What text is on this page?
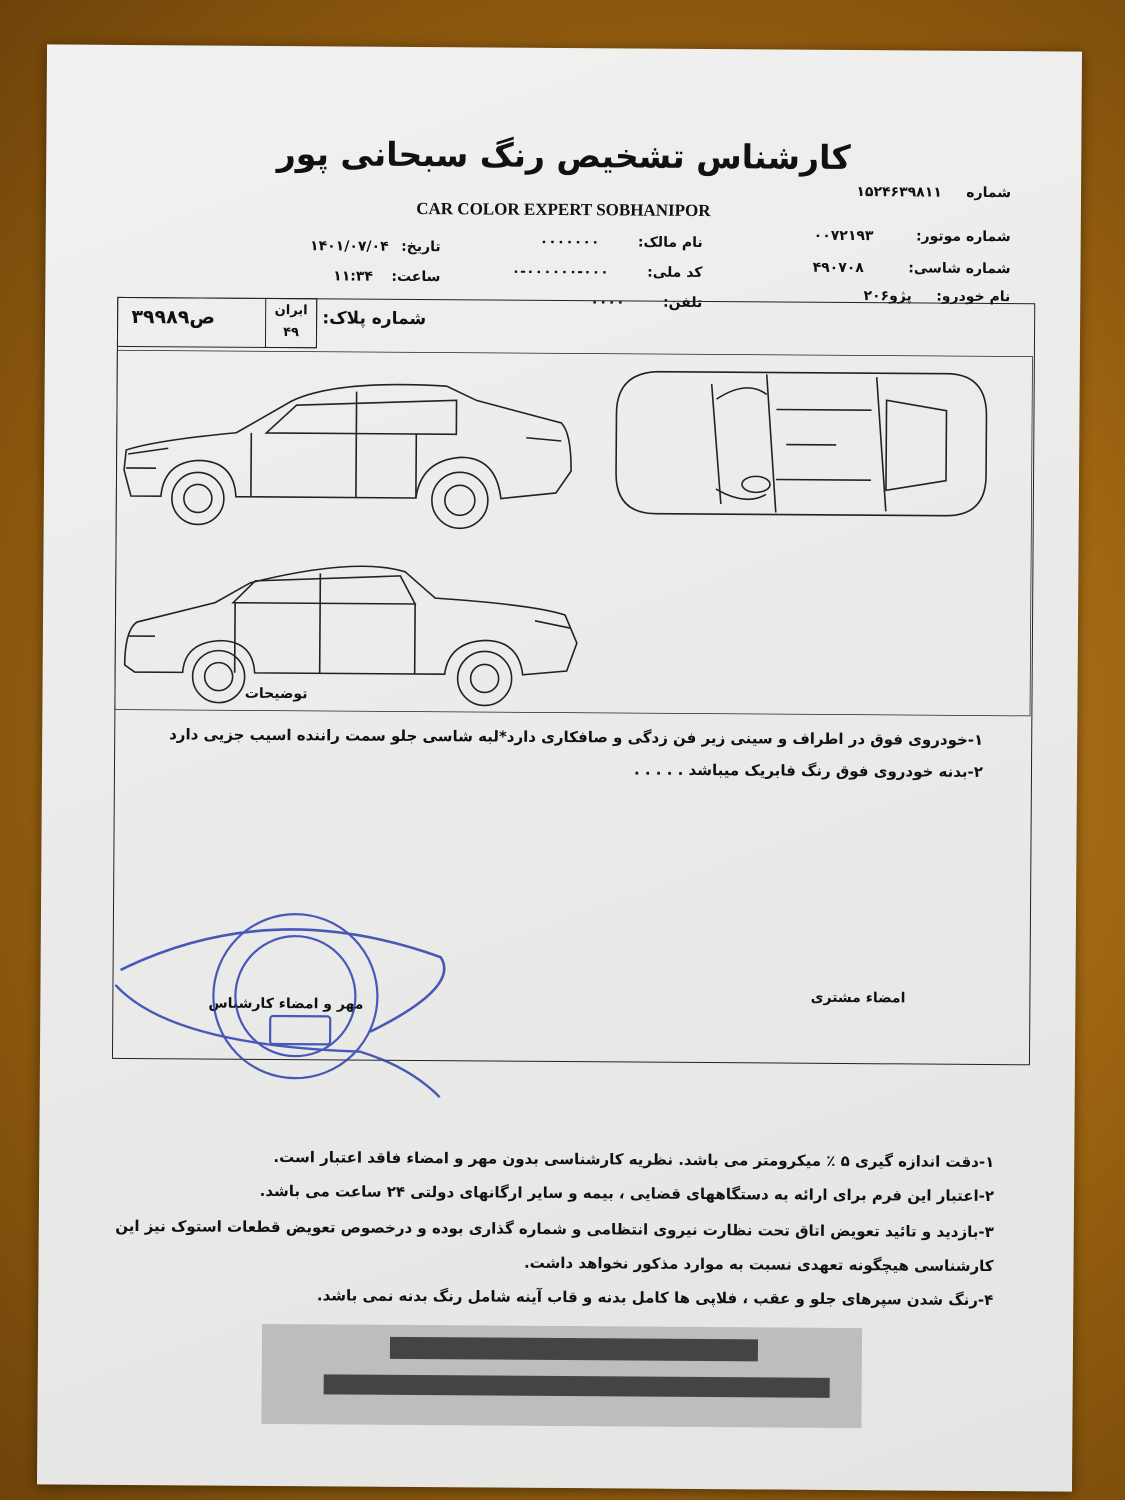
کارشناس تشخیص رنگ سبحانی پور
CAR COLOR EXPERT SOBHANIPOR
شماره ۱۵۲۴۶۳۹۸۱۱
شماره موتور: ۰۰۷۲۱۹۳
شماره شاسی: ۴۹۰۷۰۸
نام خودرو: پژو۲۰۶
نام مالک: ۰۰۰۰۰۰۰
کد ملی: ۰۰۰-۰۰۰۰۰۰-۰
تلفن: ۰۰۰۰
تاریخ: ۱۴۰۱/۰۷/۰۴
ساعت: ۱۱:۳۴
شماره پلاک:
۳۹۹ص۸۹	ایران
۴۹
توضیحات
۱-خودروی فوق در اطراف و سینی زیر فن زدگی و صافکاری دارد*لبه شاسی جلو سمت راننده اسیب جزیی دارد
۲-بدنه خودروی فوق رنگ فابریک میباشد . . . . .
امضاء مشتری
مهر و امضاء کارشناس
۱-دقت اندازه گیری ۵ ٪ میکرومتر می باشد. نظریه کارشناسی بدون مهر و امضاء فاقد اعتبار است.
۲-اعتبار این فرم برای ارائه به دستگاههای قضایی ، بیمه و سایر ارگانهای دولتی ۲۴ ساعت می باشد.
۳-بازدید و تائید تعویض اتاق تحت نظارت نیروی انتظامی و شماره گذاری بوده و درخصوص تعویض قطعات استوک نیز این
کارشناسی هیچگونه تعهدی نسبت به موارد مذکور نخواهد داشت.
۴-رنگ شدن سپرهای جلو و عقب ، فلاپی ها کامل بدنه و قاب آینه شامل رنگ بدنه نمی باشد.
